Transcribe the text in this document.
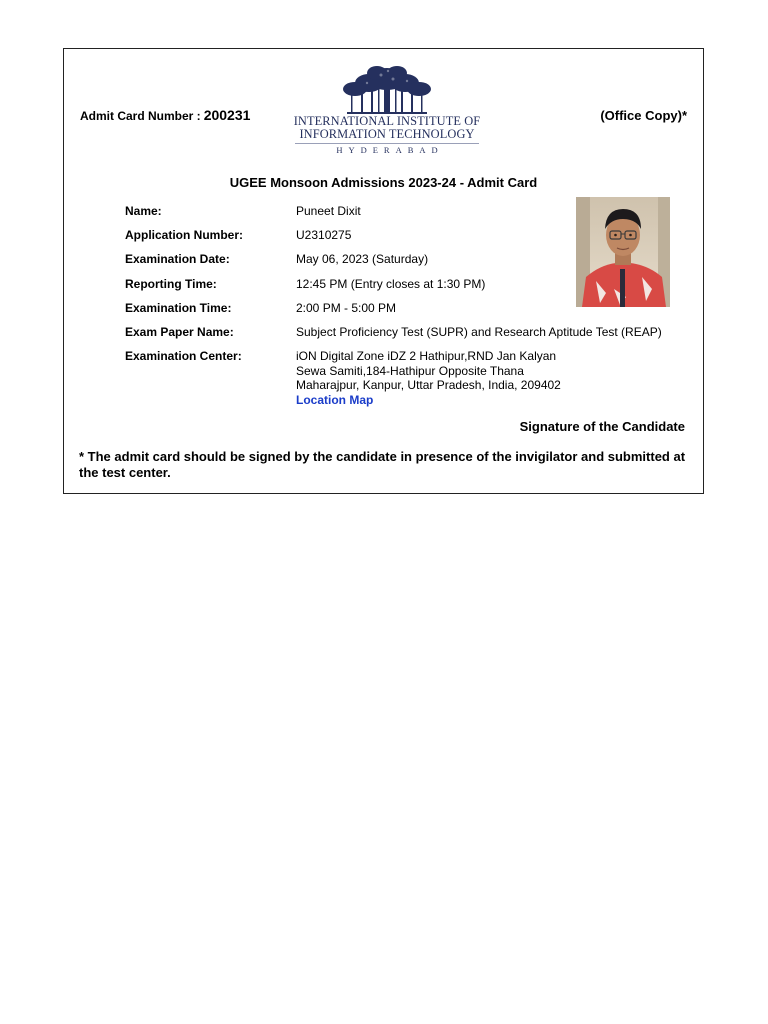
Admit Card Number : 200231	INTERNATIONAL INSTITUTE OF
INFORMATION TECHNOLOGY
HYDERABAD
(Office Copy)*
UGEE Monsoon Admissions 2023-24 - Admit Card
Name:	Puneet Dixit
Application Number:	U2310275
Examination Date:	May 06, 2023 (Saturday)
Reporting Time:	12:45 PM (Entry closes at 1:30 PM)
Examination Time:	2:00 PM - 5:00 PM
Exam Paper Name:	Subject Proficiency Test (SUPR) and Research Aptitude Test (REAP)
Examination Center:	iON Digital Zone iDZ 2 Hathipur,RND Jan Kalyan
Sewa Samiti,184-Hathipur Opposite Thana
Maharajpur, Kanpur, Uttar Pradesh, India, 209402
Location Map
Signature of the Candidate
* The admit card should be signed by the candidate in presence of the invigilator and submitted at the test center.
